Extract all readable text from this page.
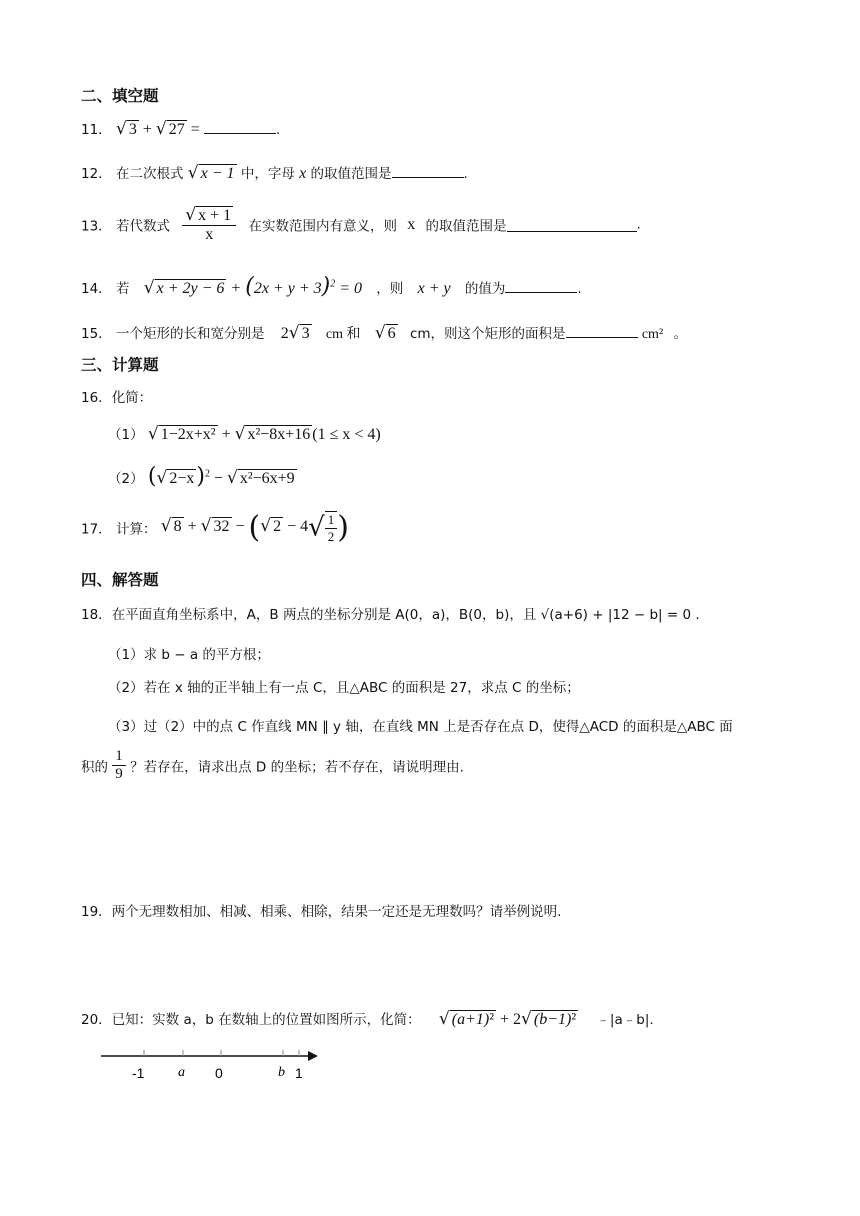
二、填空题
11． √ 3 + √ 27 =	.
12． 在二次根式 √ x − 1 中，字母 x 的取值范围是	.
13． 若代数式 $\frac{√ x + 1}{x}$ 在实数范围内有意义，则 x 的取值范围是	.
14． 若 √ $x + 2y - 6 + (2x + y + 3)^2 = 0$ ，则 x + y 的值为	.
15． 一个矩形的长和宽分别是 2√ 3 cm 和 √ 6 cm，则这个矩形的面积是	cm² 。
三、计算题
16．化简：
（1） √ 1−2x+x² + √ x²−8x+16 (1 ≤ x < 4)
（2） (√ 2−x)$^2$ − √ x²−6x+9
17． 计算： √ 8 + √ 32 − (√ $2 - 4√ \frac{1}{2}$ )
四、解答题
18．在平面直角坐标系中，A，B 两点的坐标分别是 A(0，a)，B(0，b)，且 √(a+6) + |12 − b| = 0 .
（1）求 b − a 的平方根；
（2）若在 x 轴的正半轴上有一点 C，且△ABC 的面积是 27，求点 C 的坐标；
（3）过（2）中的点 C 作直线 MN ∥ y 轴，在直线 MN 上是否存在点 D，使得△ACD 的面积是△ABC 面
积的 $\frac{1}{9}$ ？若存在，请求出点 D 的坐标；若不存在，请说明理由.
19．两个无理数相加、相减、相乘、相除，结果一定还是无理数吗？请举例说明.
20．已知：实数 a，b 在数轴上的位置如图所示，化简： √ (a+1)² + 2√ (b−1)² ﹣|a﹣b|.
-1 a 0	b 1
